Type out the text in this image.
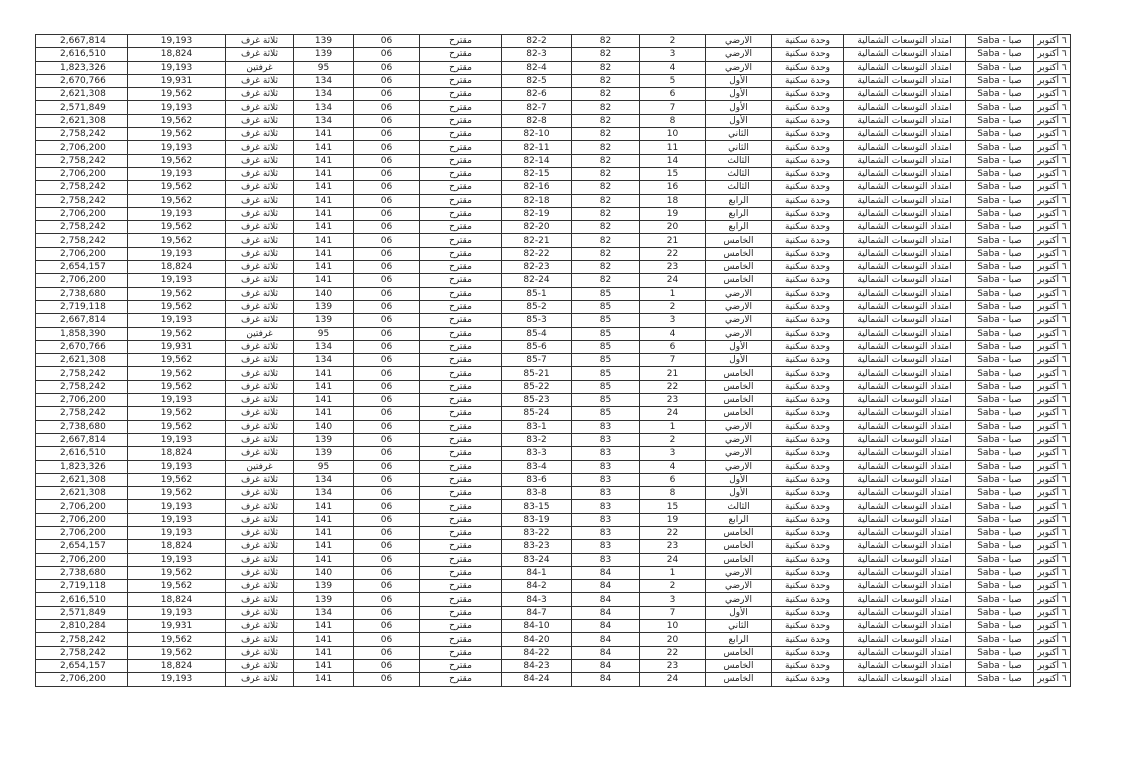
2,667,814	19,193	ثلاثة غرف	139	06	مقترح	82-2	82	2	الارضي	وحدة سكنية	امتداد التوسعات الشمالية	صبا - Saba	٦ أكتوبر
2,616,510	18,824	ثلاثة غرف	139	06	مقترح	82-3	82	3	الارضي	وحدة سكنية	امتداد التوسعات الشمالية	صبا - Saba	٦ أكتوبر
1,823,326	19,193	غرفتين	95	06	مقترح	82-4	82	4	الارضي	وحدة سكنية	امتداد التوسعات الشمالية	صبا - Saba	٦ أكتوبر
2,670,766	19,931	ثلاثة غرف	134	06	مقترح	82-5	82	5	الأول	وحدة سكنية	امتداد التوسعات الشمالية	صبا - Saba	٦ أكتوبر
2,621,308	19,562	ثلاثة غرف	134	06	مقترح	82-6	82	6	الأول	وحدة سكنية	امتداد التوسعات الشمالية	صبا - Saba	٦ أكتوبر
2,571,849	19,193	ثلاثة غرف	134	06	مقترح	82-7	82	7	الأول	وحدة سكنية	امتداد التوسعات الشمالية	صبا - Saba	٦ أكتوبر
2,621,308	19,562	ثلاثة غرف	134	06	مقترح	82-8	82	8	الأول	وحدة سكنية	امتداد التوسعات الشمالية	صبا - Saba	٦ أكتوبر
2,758,242	19,562	ثلاثة غرف	141	06	مقترح	82-10	82	10	الثاني	وحدة سكنية	امتداد التوسعات الشمالية	صبا - Saba	٦ أكتوبر
2,706,200	19,193	ثلاثة غرف	141	06	مقترح	82-11	82	11	الثاني	وحدة سكنية	امتداد التوسعات الشمالية	صبا - Saba	٦ أكتوبر
2,758,242	19,562	ثلاثة غرف	141	06	مقترح	82-14	82	14	الثالث	وحدة سكنية	امتداد التوسعات الشمالية	صبا - Saba	٦ أكتوبر
2,706,200	19,193	ثلاثة غرف	141	06	مقترح	82-15	82	15	الثالث	وحدة سكنية	امتداد التوسعات الشمالية	صبا - Saba	٦ أكتوبر
2,758,242	19,562	ثلاثة غرف	141	06	مقترح	82-16	82	16	الثالث	وحدة سكنية	امتداد التوسعات الشمالية	صبا - Saba	٦ أكتوبر
2,758,242	19,562	ثلاثة غرف	141	06	مقترح	82-18	82	18	الرابع	وحدة سكنية	امتداد التوسعات الشمالية	صبا - Saba	٦ أكتوبر
2,706,200	19,193	ثلاثة غرف	141	06	مقترح	82-19	82	19	الرابع	وحدة سكنية	امتداد التوسعات الشمالية	صبا - Saba	٦ أكتوبر
2,758,242	19,562	ثلاثة غرف	141	06	مقترح	82-20	82	20	الرابع	وحدة سكنية	امتداد التوسعات الشمالية	صبا - Saba	٦ أكتوبر
2,758,242	19,562	ثلاثة غرف	141	06	مقترح	82-21	82	21	الخامس	وحدة سكنية	امتداد التوسعات الشمالية	صبا - Saba	٦ أكتوبر
2,706,200	19,193	ثلاثة غرف	141	06	مقترح	82-22	82	22	الخامس	وحدة سكنية	امتداد التوسعات الشمالية	صبا - Saba	٦ أكتوبر
2,654,157	18,824	ثلاثة غرف	141	06	مقترح	82-23	82	23	الخامس	وحدة سكنية	امتداد التوسعات الشمالية	صبا - Saba	٦ أكتوبر
2,706,200	19,193	ثلاثة غرف	141	06	مقترح	82-24	82	24	الخامس	وحدة سكنية	امتداد التوسعات الشمالية	صبا - Saba	٦ أكتوبر
2,738,680	19,562	ثلاثة غرف	140	06	مقترح	85-1	85	1	الارضي	وحدة سكنية	امتداد التوسعات الشمالية	صبا - Saba	٦ أكتوبر
2,719,118	19,562	ثلاثة غرف	139	06	مقترح	85-2	85	2	الارضي	وحدة سكنية	امتداد التوسعات الشمالية	صبا - Saba	٦ أكتوبر
2,667,814	19,193	ثلاثة غرف	139	06	مقترح	85-3	85	3	الارضي	وحدة سكنية	امتداد التوسعات الشمالية	صبا - Saba	٦ أكتوبر
1,858,390	19,562	غرفتين	95	06	مقترح	85-4	85	4	الارضي	وحدة سكنية	امتداد التوسعات الشمالية	صبا - Saba	٦ أكتوبر
2,670,766	19,931	ثلاثة غرف	134	06	مقترح	85-6	85	6	الأول	وحدة سكنية	امتداد التوسعات الشمالية	صبا - Saba	٦ أكتوبر
2,621,308	19,562	ثلاثة غرف	134	06	مقترح	85-7	85	7	الأول	وحدة سكنية	امتداد التوسعات الشمالية	صبا - Saba	٦ أكتوبر
2,758,242	19,562	ثلاثة غرف	141	06	مقترح	85-21	85	21	الخامس	وحدة سكنية	امتداد التوسعات الشمالية	صبا - Saba	٦ أكتوبر
2,758,242	19,562	ثلاثة غرف	141	06	مقترح	85-22	85	22	الخامس	وحدة سكنية	امتداد التوسعات الشمالية	صبا - Saba	٦ أكتوبر
2,706,200	19,193	ثلاثة غرف	141	06	مقترح	85-23	85	23	الخامس	وحدة سكنية	امتداد التوسعات الشمالية	صبا - Saba	٦ أكتوبر
2,758,242	19,562	ثلاثة غرف	141	06	مقترح	85-24	85	24	الخامس	وحدة سكنية	امتداد التوسعات الشمالية	صبا - Saba	٦ أكتوبر
2,738,680	19,562	ثلاثة غرف	140	06	مقترح	83-1	83	1	الارضي	وحدة سكنية	امتداد التوسعات الشمالية	صبا - Saba	٦ أكتوبر
2,667,814	19,193	ثلاثة غرف	139	06	مقترح	83-2	83	2	الارضي	وحدة سكنية	امتداد التوسعات الشمالية	صبا - Saba	٦ أكتوبر
2,616,510	18,824	ثلاثة غرف	139	06	مقترح	83-3	83	3	الارضي	وحدة سكنية	امتداد التوسعات الشمالية	صبا - Saba	٦ أكتوبر
1,823,326	19,193	غرفتين	95	06	مقترح	83-4	83	4	الارضي	وحدة سكنية	امتداد التوسعات الشمالية	صبا - Saba	٦ أكتوبر
2,621,308	19,562	ثلاثة غرف	134	06	مقترح	83-6	83	6	الأول	وحدة سكنية	امتداد التوسعات الشمالية	صبا - Saba	٦ أكتوبر
2,621,308	19,562	ثلاثة غرف	134	06	مقترح	83-8	83	8	الأول	وحدة سكنية	امتداد التوسعات الشمالية	صبا - Saba	٦ أكتوبر
2,706,200	19,193	ثلاثة غرف	141	06	مقترح	83-15	83	15	الثالث	وحدة سكنية	امتداد التوسعات الشمالية	صبا - Saba	٦ أكتوبر
2,706,200	19,193	ثلاثة غرف	141	06	مقترح	83-19	83	19	الرابع	وحدة سكنية	امتداد التوسعات الشمالية	صبا - Saba	٦ أكتوبر
2,706,200	19,193	ثلاثة غرف	141	06	مقترح	83-22	83	22	الخامس	وحدة سكنية	امتداد التوسعات الشمالية	صبا - Saba	٦ أكتوبر
2,654,157	18,824	ثلاثة غرف	141	06	مقترح	83-23	83	23	الخامس	وحدة سكنية	امتداد التوسعات الشمالية	صبا - Saba	٦ أكتوبر
2,706,200	19,193	ثلاثة غرف	141	06	مقترح	83-24	83	24	الخامس	وحدة سكنية	امتداد التوسعات الشمالية	صبا - Saba	٦ أكتوبر
2,738,680	19,562	ثلاثة غرف	140	06	مقترح	84-1	84	1	الارضي	وحدة سكنية	امتداد التوسعات الشمالية	صبا - Saba	٦ أكتوبر
2,719,118	19,562	ثلاثة غرف	139	06	مقترح	84-2	84	2	الارضي	وحدة سكنية	امتداد التوسعات الشمالية	صبا - Saba	٦ أكتوبر
2,616,510	18,824	ثلاثة غرف	139	06	مقترح	84-3	84	3	الارضي	وحدة سكنية	امتداد التوسعات الشمالية	صبا - Saba	٦ أكتوبر
2,571,849	19,193	ثلاثة غرف	134	06	مقترح	84-7	84	7	الأول	وحدة سكنية	امتداد التوسعات الشمالية	صبا - Saba	٦ أكتوبر
2,810,284	19,931	ثلاثة غرف	141	06	مقترح	84-10	84	10	الثاني	وحدة سكنية	امتداد التوسعات الشمالية	صبا - Saba	٦ أكتوبر
2,758,242	19,562	ثلاثة غرف	141	06	مقترح	84-20	84	20	الرابع	وحدة سكنية	امتداد التوسعات الشمالية	صبا - Saba	٦ أكتوبر
2,758,242	19,562	ثلاثة غرف	141	06	مقترح	84-22	84	22	الخامس	وحدة سكنية	امتداد التوسعات الشمالية	صبا - Saba	٦ أكتوبر
2,654,157	18,824	ثلاثة غرف	141	06	مقترح	84-23	84	23	الخامس	وحدة سكنية	امتداد التوسعات الشمالية	صبا - Saba	٦ أكتوبر
2,706,200	19,193	ثلاثة غرف	141	06	مقترح	84-24	84	24	الخامس	وحدة سكنية	امتداد التوسعات الشمالية	صبا - Saba	٦ أكتوبر
